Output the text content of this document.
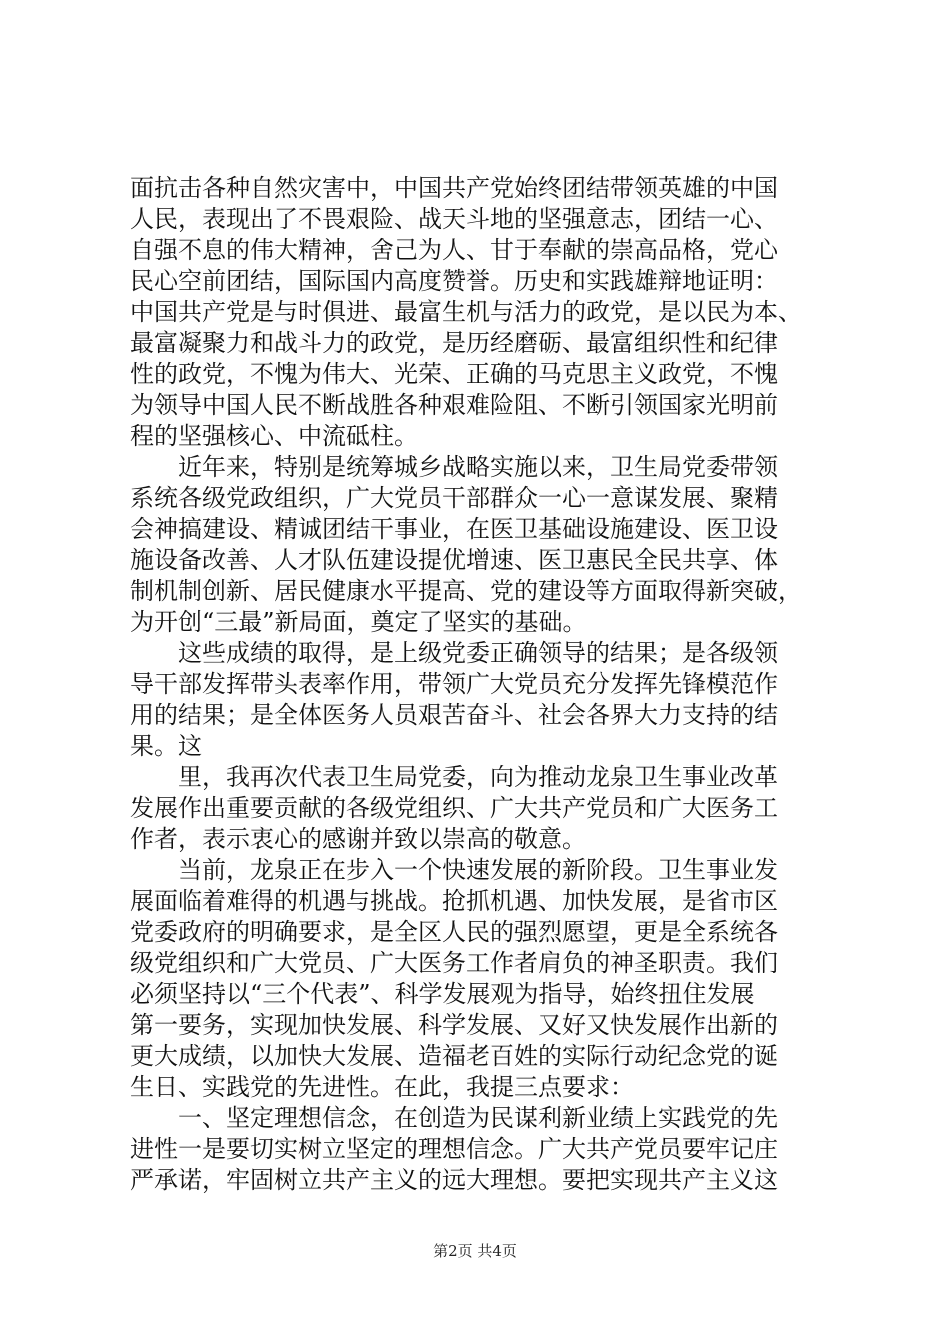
面抗击各种自然灾害中，中国共产党始终团结带领英雄的中国
人民，表现出了不畏艰险、战天斗地的坚强意志，团结一心、
自强不息的伟大精神，舍己为人、甘于奉献的崇高品格，党心
民心空前团结，国际国内高度赞誉。历史和实践雄辩地证明：
中国共产党是与时俱进、最富生机与活力的政党，是以民为本、
最富凝聚力和战斗力的政党，是历经磨砺、最富组织性和纪律
性的政党，不愧为伟大、光荣、正确的马克思主义政党，不愧
为领导中国人民不断战胜各种艰难险阻、不断引领国家光明前
程的坚强核心、中流砥柱。
　　近年来，特别是统筹城乡战略实施以来，卫生局党委带领
系统各级党政组织，广大党员干部群众一心一意谋发展、聚精
会神搞建设、精诚团结干事业，在医卫基础设施建设、医卫设
施设备改善、人才队伍建设提优增速、医卫惠民全民共享、体
制机制创新、居民健康水平提高、党的建设等方面取得新突破，
为开创“三最”新局面，奠定了坚实的基础。
　　这些成绩的取得，是上级党委正确领导的结果；是各级领
导干部发挥带头表率作用，带领广大党员充分发挥先锋模范作
用的结果；是全体医务人员艰苦奋斗、社会各界大力支持的结
果。这
　　里，我再次代表卫生局党委，向为推动龙泉卫生事业改革
发展作出重要贡献的各级党组织、广大共产党员和广大医务工
作者，表示衷心的感谢并致以崇高的敬意。
　　当前，龙泉正在步入一个快速发展的新阶段。卫生事业发
展面临着难得的机遇与挑战。抢抓机遇、加快发展，是省市区
党委政府的明确要求，是全区人民的强烈愿望，更是全系统各
级党组织和广大党员、广大医务工作者肩负的神圣职责。我们
必须坚持以“三个代表”、科学发展观为指导，始终扭住发展
第一要务，实现加快发展、科学发展、又好又快发展作出新的
更大成绩，以加快大发展、造福老百姓的实际行动纪念党的诞
生日、实践党的先进性。在此，我提三点要求：
　　一、坚定理想信念，在创造为民谋利新业绩上实践党的先
进性一是要切实树立坚定的理想信念。广大共产党员要牢记庄
严承诺，牢固树立共产主义的远大理想。要把实现共产主义这
第2页 共4页
